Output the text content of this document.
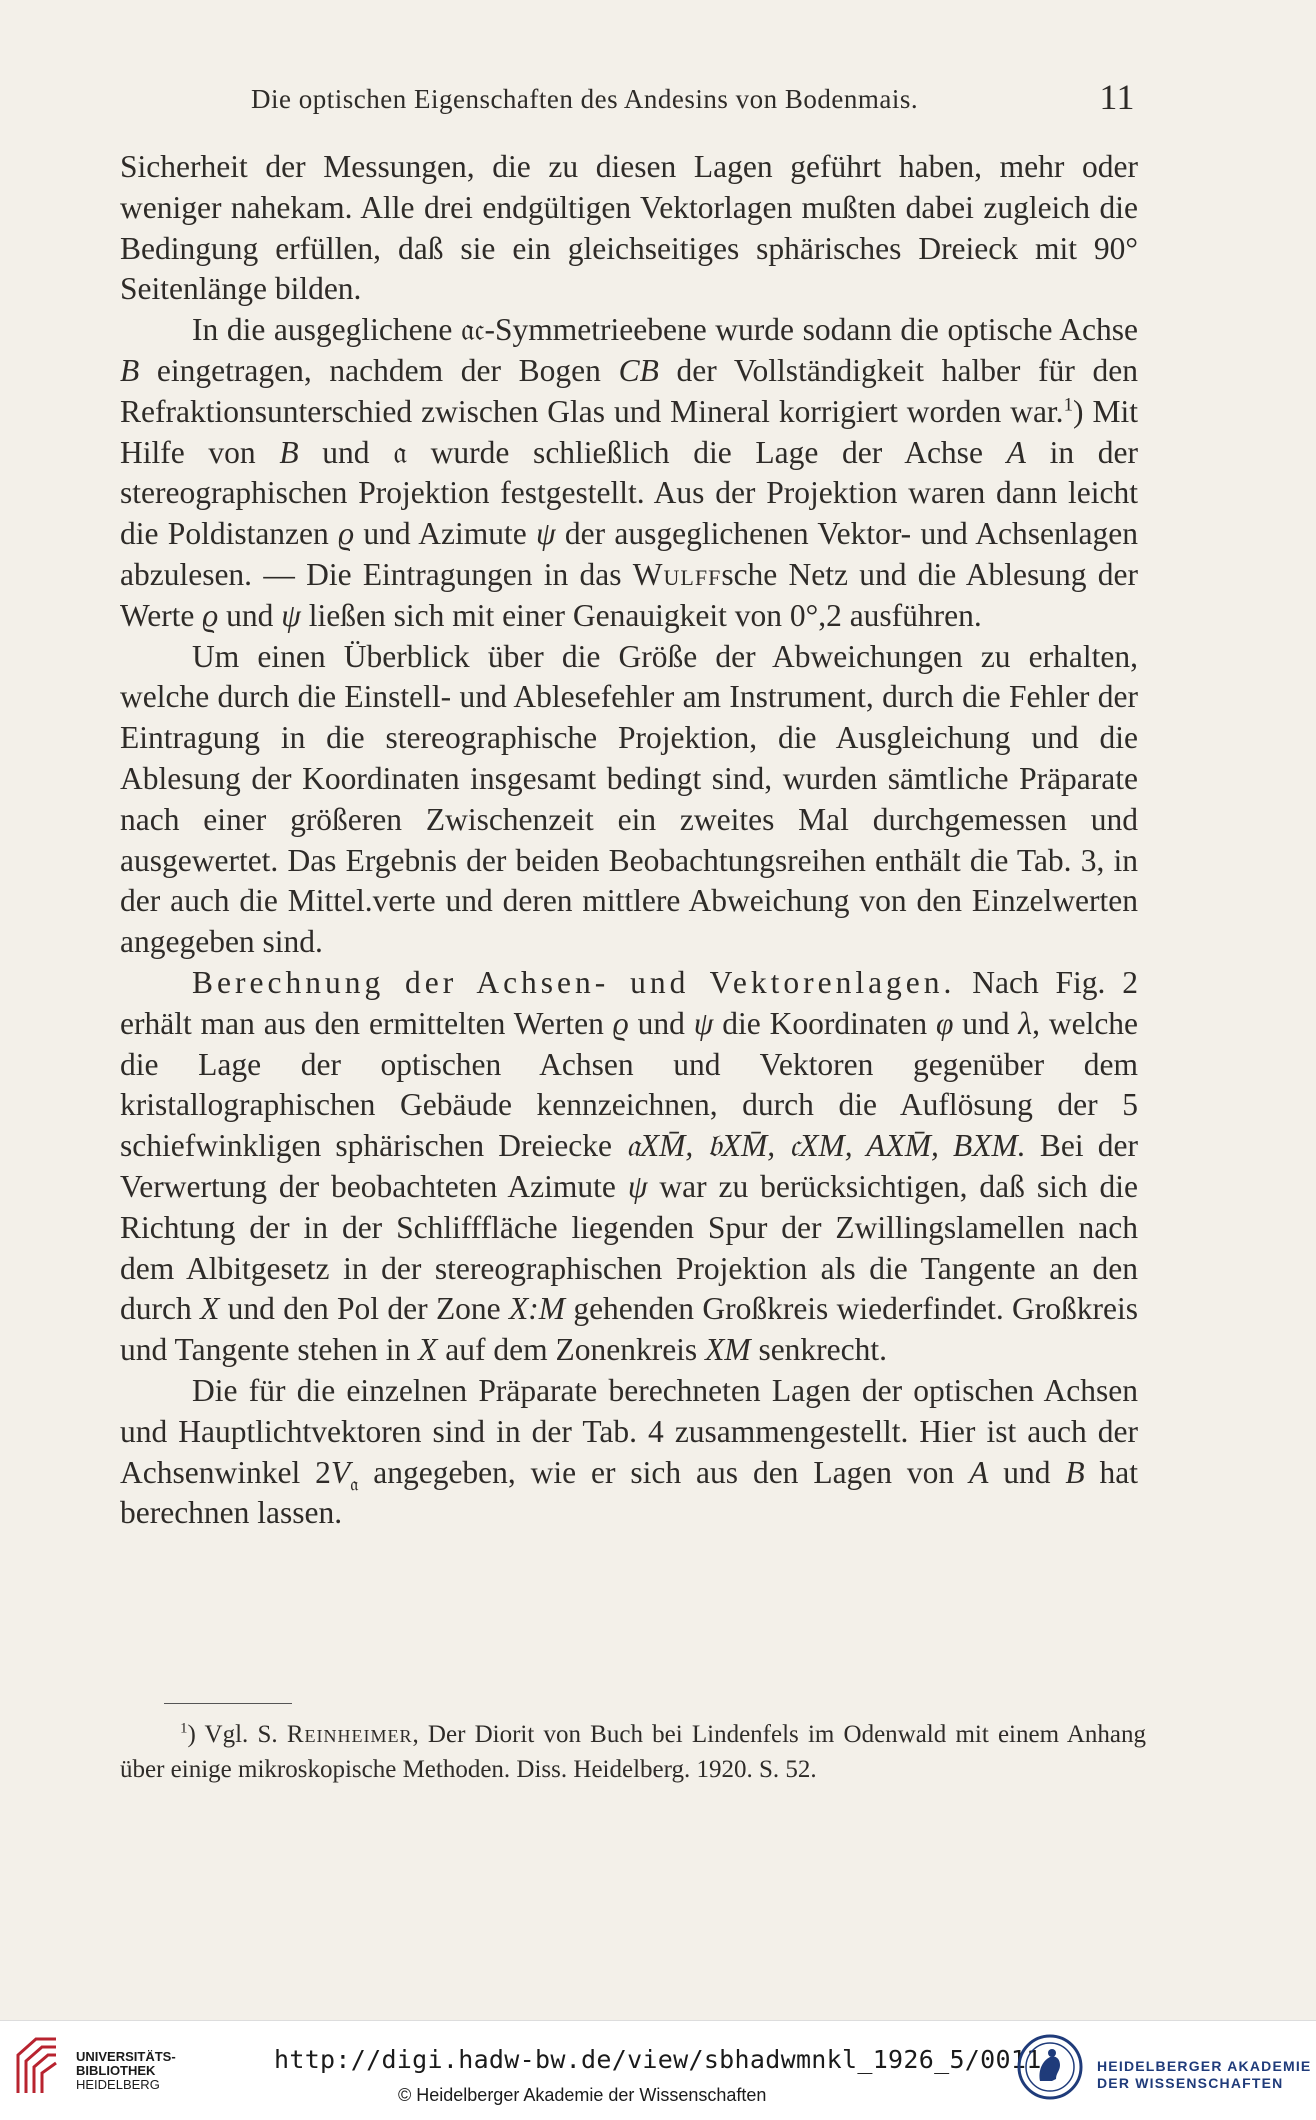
Die optischen Eigenschaften des Andesins von Bodenmais.	11

Sicherheit der Messungen, die zu diesen Lagen geführt haben, mehr oder weniger nahekam. Alle drei endgültigen Vektorlagen mußten dabei zugleich die Bedingung erfüllen, daß sie ein gleichseitiges sphärisches Dreieck mit 90° Seitenlänge bilden.

In die ausgeglichene 𝔞𝔠-Symmetrieebene wurde sodann die optische Achse B eingetragen, nachdem der Bogen CB der Vollständigkeit halber für den Refraktionsunterschied zwischen Glas und Mineral korrigiert worden war.$^1$) Mit Hilfe von B und 𝔞 wurde schließlich die Lage der Achse A in der stereographischen Projektion festgestellt. Aus der Projektion waren dann leicht die Poldistanzen ϱ und Azimute ψ der ausgeglichenen Vektor- und Achsenlagen abzulesen. — Die Eintragungen in das Wulffsche Netz und die Ablesung der Werte ϱ und ψ ließen sich mit einer Genauigkeit von 0°,2 ausführen.

Um einen Überblick über die Größe der Abweichungen zu erhalten, welche durch die Einstell- und Ablesefehler am Instrument, durch die Fehler der Eintragung in die stereographische Projektion, die Ausgleichung und die Ablesung der Koordinaten insgesamt bedingt sind, wurden sämtliche Präparate nach einer größeren Zwischenzeit ein zweites Mal durchgemessen und ausgewertet. Das Ergebnis der beiden Beobachtungsreihen enthält die Tab. 3, in der auch die Mittel.verte und deren mittlere Abweichung von den Einzelwerten angegeben sind.

Berechnung der Achsen- und Vektorenlagen. Nach Fig. 2 erhält man aus den ermittelten Werten ϱ und ψ die Koordinaten φ und λ, welche die Lage der optischen Achsen und Vektoren gegenüber dem kristallographischen Gebäude kennzeichnen, durch die Auflösung der 5 schiefwinkligen sphärischen Dreiecke 𝔞XM̄, 𝔟XM̄, 𝔠XM, AXM̄, BXM. Bei der Verwertung der beobachteten Azimute ψ war zu berücksichtigen, daß sich die Richtung der in der Schlifffläche liegenden Spur der Zwillingslamellen nach dem Albitgesetz in der stereographischen Projektion als die Tangente an den durch X und den Pol der Zone X:M gehenden Großkreis wiederfindet. Großkreis und Tangente stehen in X auf dem Zonenkreis XM senkrecht.

Die für die einzelnen Präparate berechneten Lagen der optischen Achsen und Hauptlichtvektoren sind in der Tab. 4 zusammengestellt. Hier ist auch der Achsenwinkel $2V_𝔞$ angegeben, wie er sich aus den Lagen von A und B hat berechnen lassen.

$^1$) Vgl. S. Reinheimer, Der Diorit von Buch bei Lindenfels im Odenwald mit einem Anhang über einige mikroskopische Methoden. Diss. Heidelberg. 1920. S. 52.
UNIVERSITÄTS-
BIBLIOTHEK
HEIDELBERG
http://digi.hadw-bw.de/view/sbhadwmnkl_1926_5/0011
© Heidelberger Akademie der Wissenschaften
HEIDELBERGER AKADEMIE
DER WISSENSCHAFTEN
